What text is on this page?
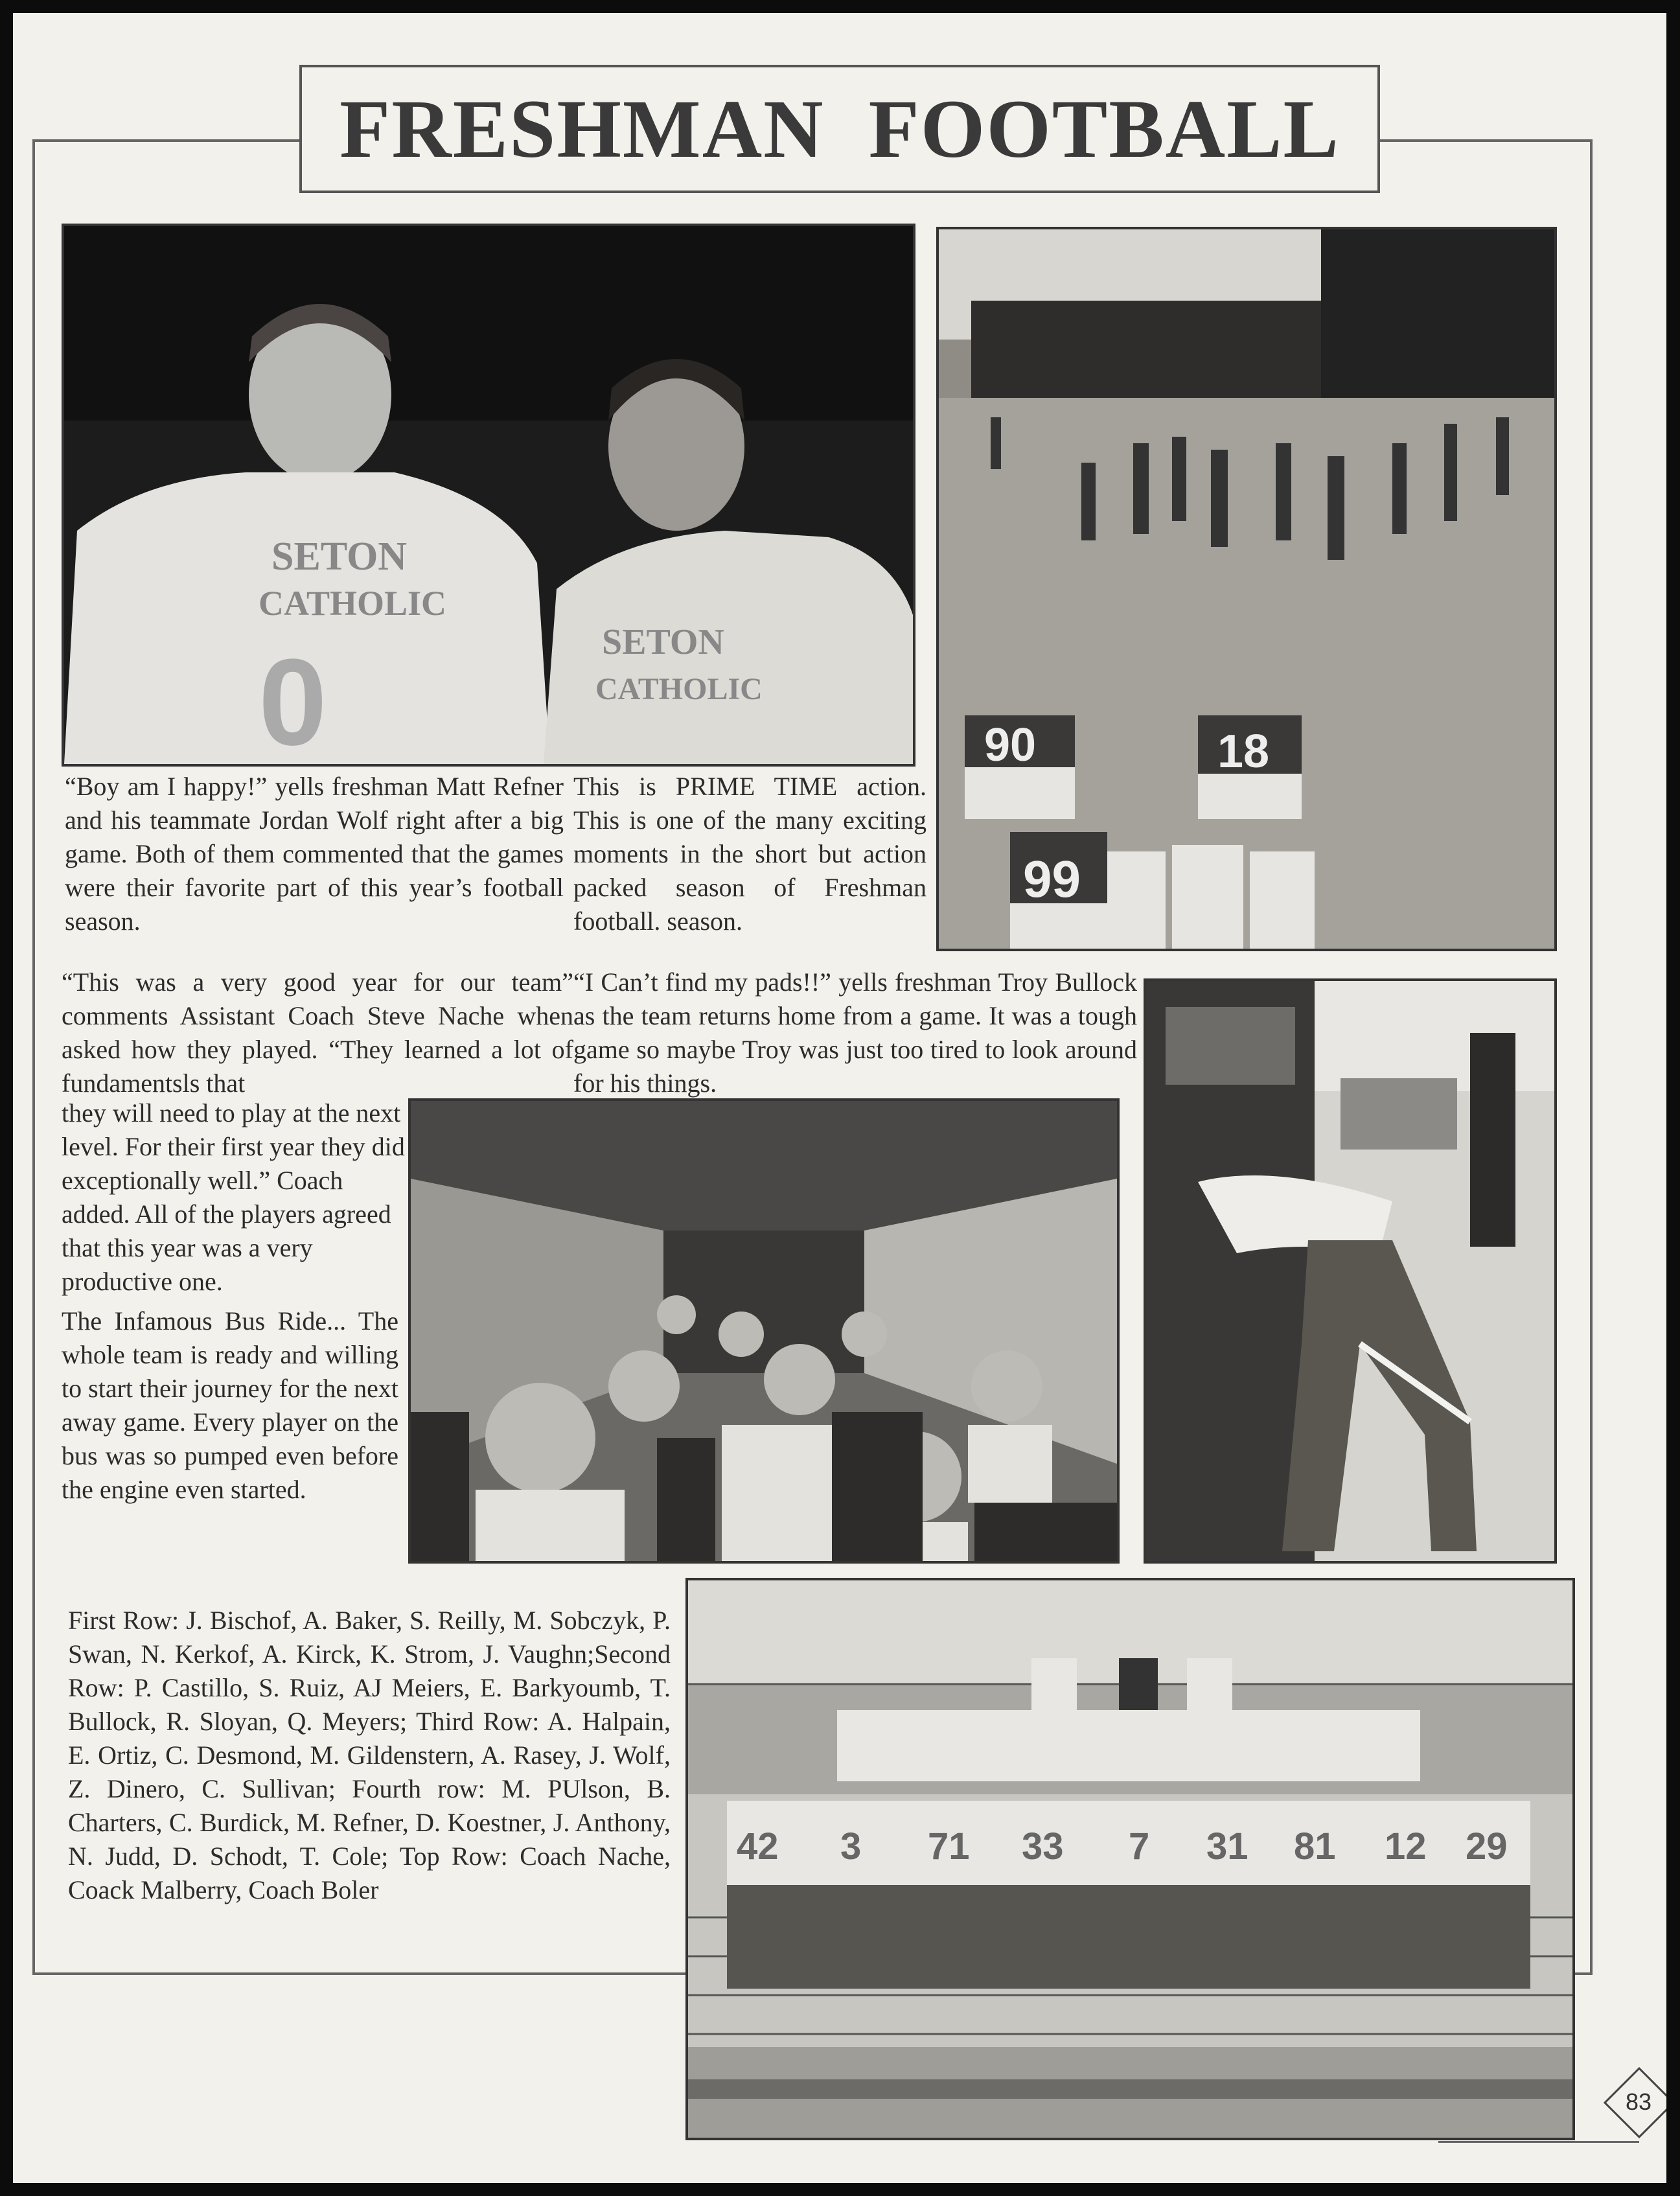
FRESHMAN  FOOTBALL
SETON
CATHOLIC
0	SETON
CATHOLIC
90	18
99

“Boy am I happy!” yells freshman Matt Refner and his teammate Jordan Wolf right after a big game. Both of them commented that the games were their favorite part of this year’s football season.

This is PRIME TIME action. This is one of the many exciting moments in the short but action packed season of Freshman football. season.

“This was a very good year for our team” comments Assistant Coach Steve Nache when asked how they played. “They learned a lot of fundamentsls that

“I Can’t find my pads!!” yells freshman Troy Bullock as the team returns home from a game. It was a tough game so maybe Troy was just too tired to look around for his things.

they will need to play at the next level. For their first year they did exceptionally well.” Coach added. All of the players agreed that this year was a very productive one.

The Infamous Bus Ride... The whole team is ready and willing to start their journey for the next away game. Every player on the bus was so pumped even before the engine even started.

First Row: J. Bischof, A. Baker, S. Reilly, M. Sobczyk, P. Swan, N. Kerkof, A. Kirck, K. Strom, J. Vaughn;Second Row: P. Castillo, S. Ruiz, AJ Meiers, E. Barkyoumb, T. Bullock, R. Sloyan, Q. Meyers; Third Row: A. Halpain, E. Ortiz, C. Desmond, M. Gildenstern, A. Rasey, J. Wolf, Z. Dinero, C. Sullivan; Fourth row: M. PUlson, B. Charters, C. Burdick, M. Refner, D. Koestner, J. Anthony, N. Judd, D. Schodt, T. Cole; Top Row: Coach Nache, Coack Malberry, Coach Boler

42 3 71 33 7 31 81 12 29
83
